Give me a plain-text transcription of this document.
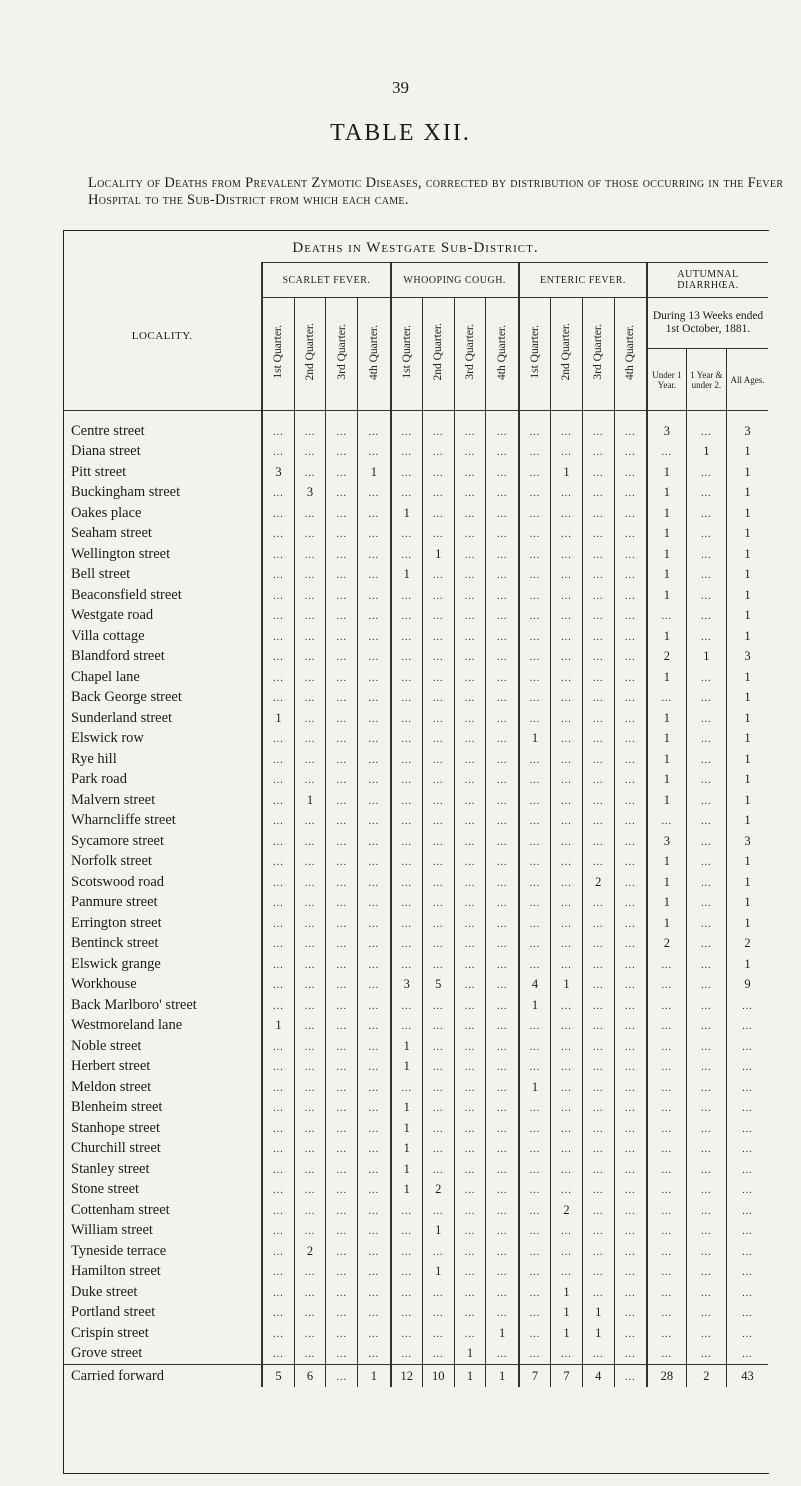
39
TABLE XII.
Locality of Deaths from Prevalent Zymotic Diseases, corrected by distribution of those occurring in the Fever Hospital to the Sub-District from which each came.
Deaths in Westgate Sub-District.
LOCALITY.	SCARLET FEVER.				WHOOPING COUGH.				ENTERIC FEVER.				AUTUMNAL DIARRHŒA.		
	1st Quarter.	2nd Quarter.	3rd Quarter.	4th Quarter.	1st Quarter.	2nd Quarter.	3rd Quarter.	4th Quarter.	1st Quarter.	2nd Quarter.	3rd Quarter.	4th Quarter.	During 13 Weeks ended 1st October, 1881.		
													Under 1 Year.	1 Year & under 2.	All Ages.

Centre street	...	...	...	...	...	...	...	...	...	...	...	...	3	...	3
Diana street	...	...	...	...	...	...	...	...	...	...	...	...	...	1	1
Pitt street	3	...	...	1	...	...	...	...	...	1	...	...	1	...	1
Buckingham street	...	3	...	...	...	...	...	...	...	...	...	...	1	...	1
Oakes place	...	...	...	...	1	...	...	...	...	...	...	...	1	...	1
Seaham street	...	...	...	...	...	...	...	...	...	...	...	...	1	...	1
Wellington street	...	...	...	...	...	1	...	...	...	...	...	...	1	...	1
Bell street	...	...	...	...	1	...	...	...	...	...	...	...	1	...	1
Beaconsfield street	...	...	...	...	...	...	...	...	...	...	...	...	1	...	1
Westgate road	...	...	...	...	...	...	...	...	...	...	...	...	...	...	1
Villa cottage	...	...	...	...	...	...	...	...	...	...	...	...	1	...	1
Blandford street	...	...	...	...	...	...	...	...	...	...	...	...	2	1	3
Chapel lane	...	...	...	...	...	...	...	...	...	...	...	...	1	...	1
Back George street	...	...	...	...	...	...	...	...	...	...	...	...	...	...	1
Sunderland street	1	...	...	...	...	...	...	...	...	...	...	...	1	...	1
Elswick row	...	...	...	...	...	...	...	...	1	...	...	...	1	...	1
Rye hill	...	...	...	...	...	...	...	...	...	...	...	...	1	...	1
Park road	...	...	...	...	...	...	...	...	...	...	...	...	1	...	1
Malvern street	...	1	...	...	...	...	...	...	...	...	...	...	1	...	1
Wharncliffe street	...	...	...	...	...	...	...	...	...	...	...	...	...	...	1
Sycamore street	...	...	...	...	...	...	...	...	...	...	...	...	3	...	3
Norfolk street	...	...	...	...	...	...	...	...	...	...	...	...	1	...	1
Scotswood road	...	...	...	...	...	...	...	...	...	...	2	...	1	...	1
Panmure street	...	...	...	...	...	...	...	...	...	...	...	...	1	...	1
Errington street	...	...	...	...	...	...	...	...	...	...	...	...	1	...	1
Bentinck street	...	...	...	...	...	...	...	...	...	...	...	...	2	...	2
Elswick grange	...	...	...	...	...	...	...	...	...	...	...	...	...	...	1
Workhouse	...	...	...	...	3	5	...	...	4	1	...	...	...	...	9
Back Marlboro' street	...	...	...	...	...	...	...	...	1	...	...	...	...	...	...
Westmoreland lane	1	...	...	...	...	...	...	...	...	...	...	...	...	...	...
Noble street	...	...	...	...	1	...	...	...	...	...	...	...	...	...	...
Herbert street	...	...	...	...	1	...	...	...	...	...	...	...	...	...	...
Meldon street	...	...	...	...	...	...	...	...	1	...	...	...	...	...	...
Blenheim street	...	...	...	...	1	...	...	...	...	...	...	...	...	...	...
Stanhope street	...	...	...	...	1	...	...	...	...	...	...	...	...	...	...
Churchill street	...	...	...	...	1	...	...	...	...	...	...	...	...	...	...
Stanley street	...	...	...	...	1	...	...	...	...	...	...	...	...	...	...
Stone street	...	...	...	...	1	2	...	...	...	...	...	...	...	...	...
Cottenham street	...	...	...	...	...	...	...	...	...	2	...	...	...	...	...
William street	...	...	...	...	...	1	...	...	...	...	...	...	...	...	...
Tyneside terrace	...	2	...	...	...	...	...	...	...	...	...	...	...	...	...
Hamilton street	...	...	...	...	...	1	...	...	...	...	...	...	...	...	...
Duke street	...	...	...	...	...	...	...	...	...	1	...	...	...	...	...
Portland street	...	...	...	...	...	...	...	...	...	1	1	...	...	...	...
Crispin street	...	...	...	...	...	...	...	1	...	1	1	...	...	...	...
Grove street	...	...	...	...	...	...	1	...	...	...	...	...	...	...	...
Carried forward	5	6	...	1	12	10	1	1	7	7	4	...	28	2	43
